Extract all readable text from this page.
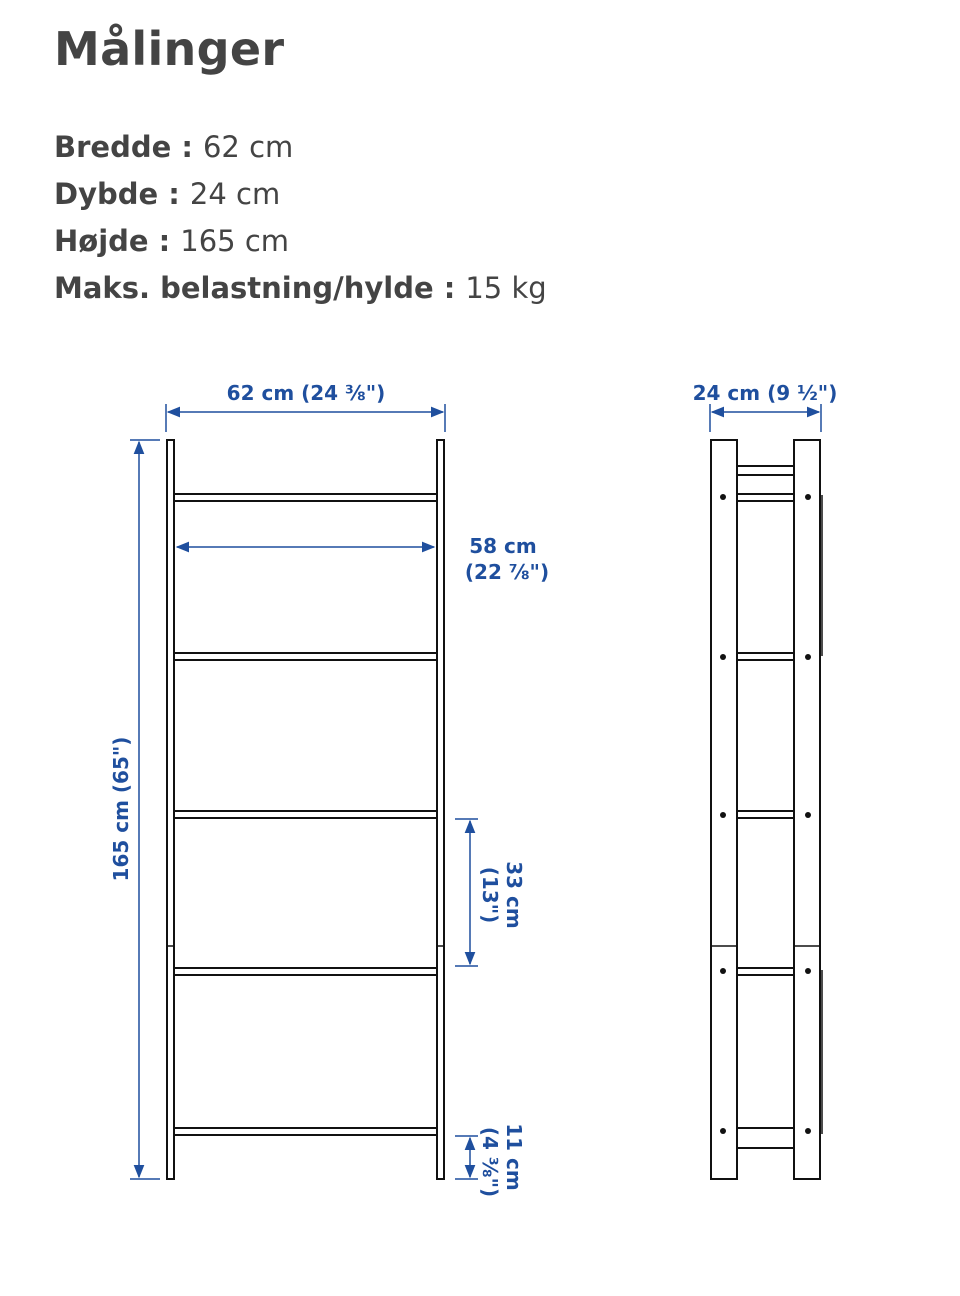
Målinger
Bredde : 62 cm
Dybde : 24 cm
Højde : 165 cm
Maks. belastning/hylde : 15 kg
62 cm (24 ⅜")
58 cm
(22 ⅞")
165 cm (65")
33 cm
(13")
11 cm
(4 ⅜")
24 cm (9 ½")
